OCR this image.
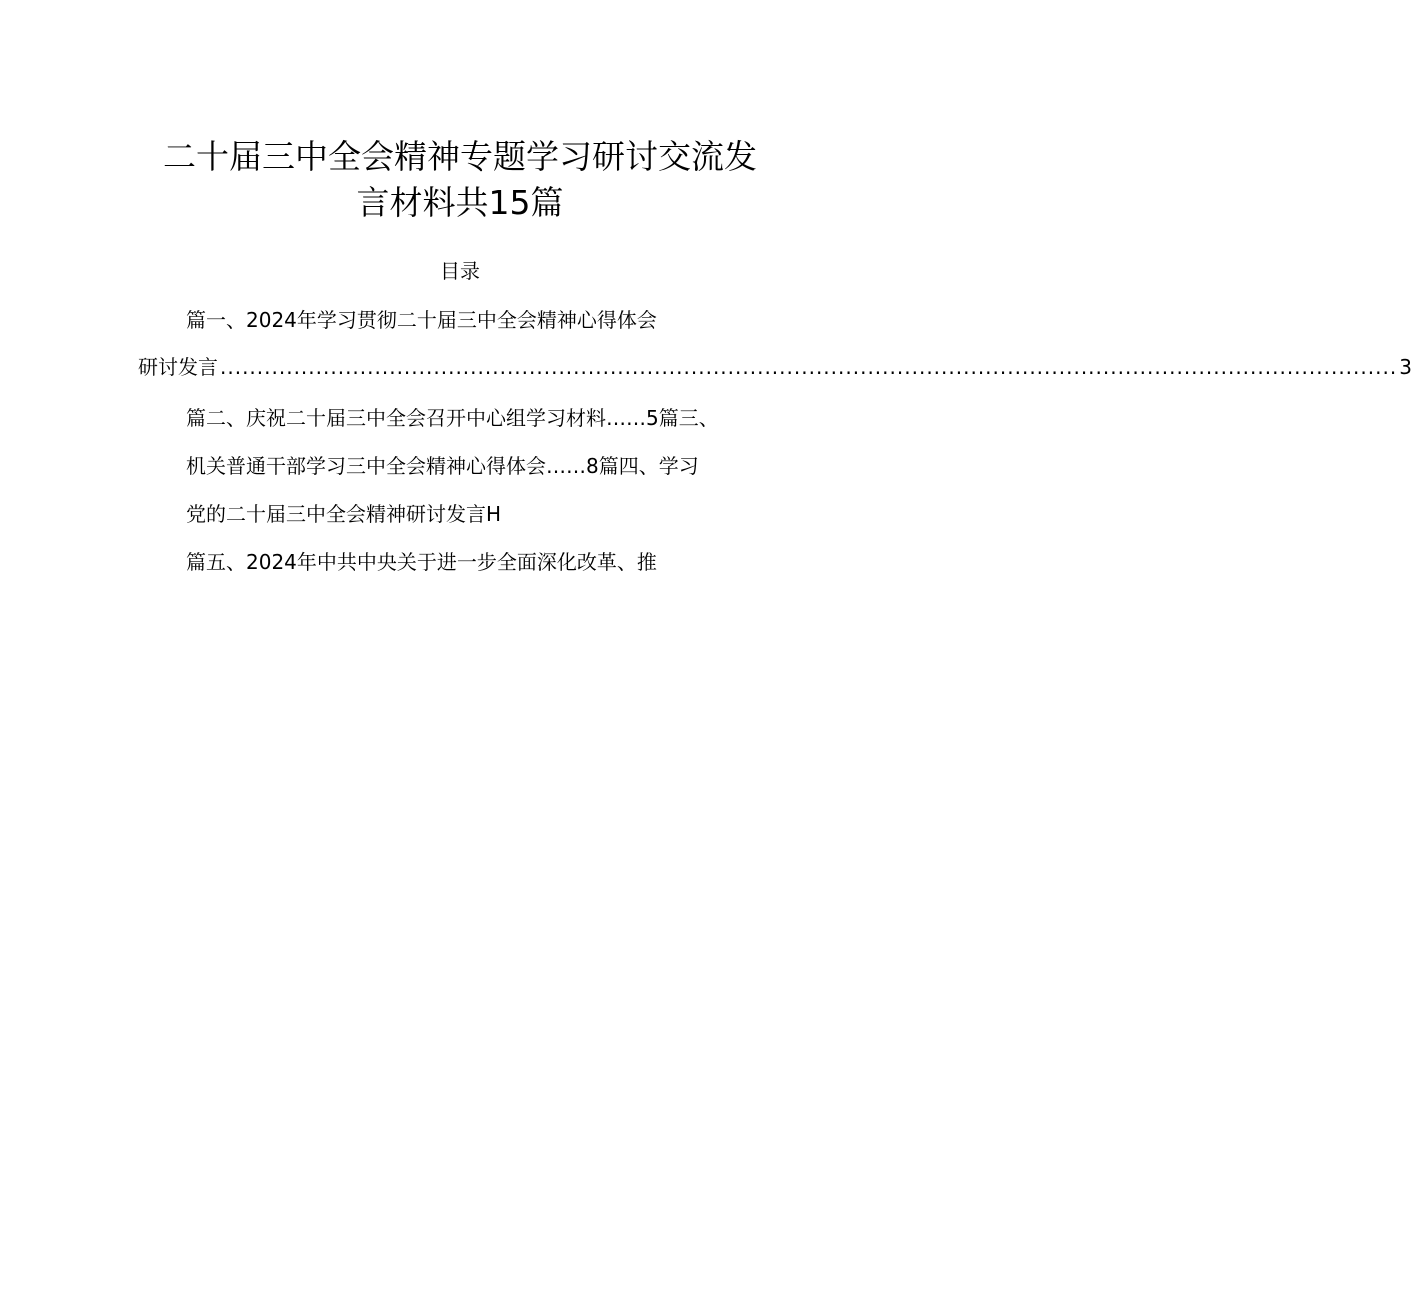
二十届三中全会精神专题学习研讨交流发
言材料共15篇
目录

篇一、2024年学习贯彻二十届三中全会精神心得体会

研讨发言 ................................................................................................................................................................ 3

篇二、庆祝二十届三中全会召开中心组学习材料……5篇三、

机关普通干部学习三中全会精神心得体会……8篇四、学习

党的二十届三中全会精神研讨发言H

篇五、2024年中共中央关于进一步全面深化改革、推
